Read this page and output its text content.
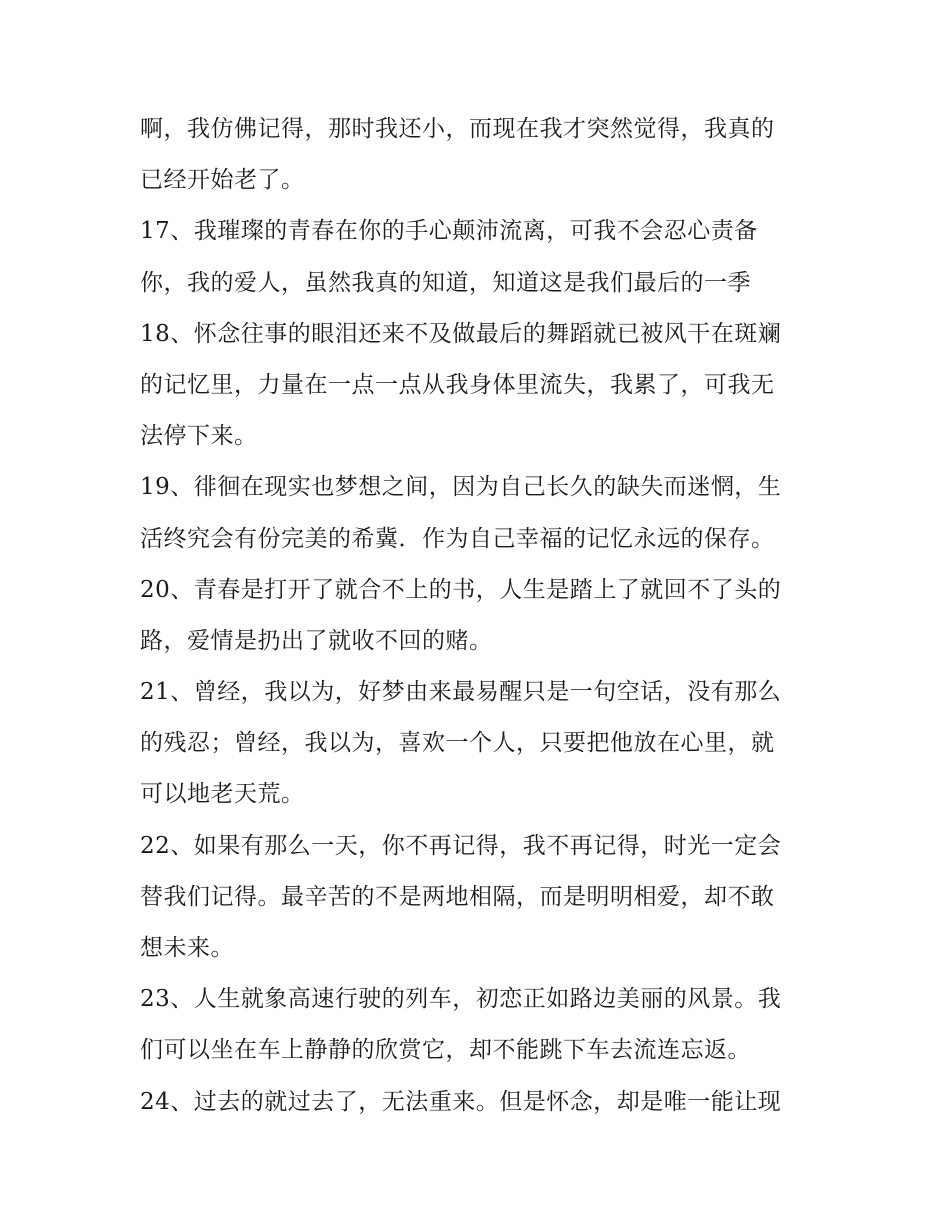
啊，我仿佛记得，那时我还小，而现在我才突然觉得，我真的
已经开始老了。
17、我璀璨的青春在你的手心颠沛流离，可我不会忍心责备
你，我的爱人，虽然我真的知道，知道这是我们最后的一季
18、怀念往事的眼泪还来不及做最后的舞蹈就已被风干在斑斓
的记忆里，力量在一点一点从我身体里流失，我累了，可我无
法停下来。
19、徘徊在现实也梦想之间，因为自己长久的缺失而迷惘，生
活终究会有份完美的希冀．作为自己幸福的记忆永远的保存。
20、青春是打开了就合不上的书，人生是踏上了就回不了头的
路，爱情是扔出了就收不回的赌。
21、曾经，我以为，好梦由来最易醒只是一句空话，没有那么
的残忍；曾经，我以为，喜欢一个人，只要把他放在心里，就
可以地老天荒。
22、如果有那么一天，你不再记得，我不再记得，时光一定会
替我们记得。最辛苦的不是两地相隔，而是明明相爱，却不敢
想未来。
23、人生就象高速行驶的列车，初恋正如路边美丽的风景。我
们可以坐在车上静静的欣赏它，却不能跳下车去流连忘返。
24、过去的就过去了，无法重来。但是怀念，却是唯一能让现
